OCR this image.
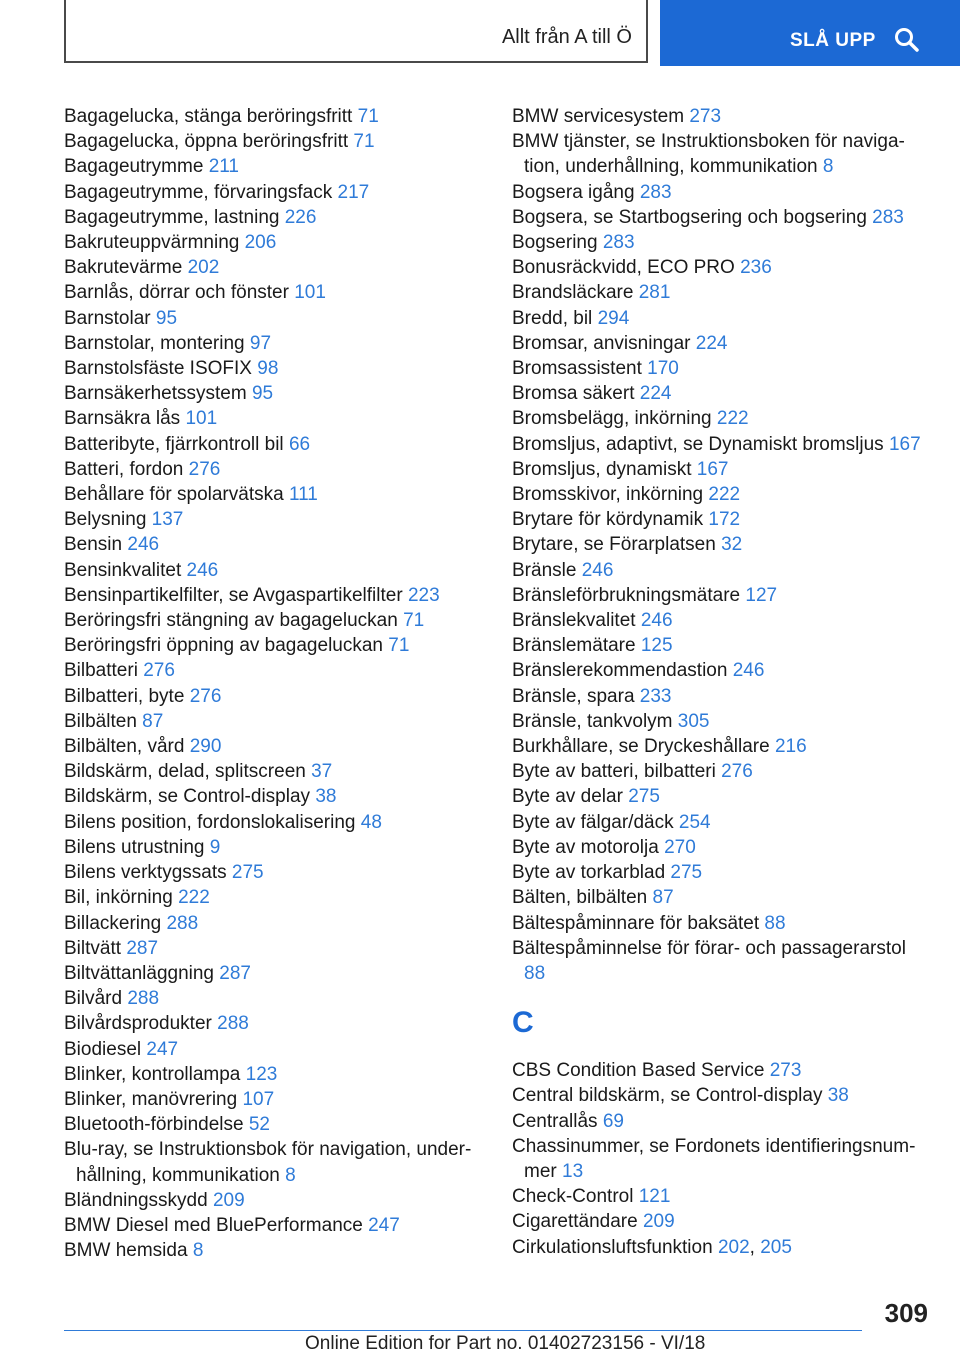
Allt från A till Ö	SLÅ UPP

Bagagelucka, stänga beröringsfritt 71

Bagagelucka, öppna beröringsfritt 71

Bagageutrymme 211

Bagageutrymme, förvaringsfack 217

Bagageutrymme, lastning 226

Bakruteuppvärmning 206

Bakrutevärme 202

Barnlås, dörrar och fönster 101

Barnstolar 95

Barnstolar, montering 97

Barnstolsfäste ISOFIX 98

Barnsäkerhetssystem 95

Barnsäkra lås 101

Batteribyte, fjärrkontroll bil 66

Batteri, fordon 276

Behållare för spolarvätska 111

Belysning 137

Bensin 246

Bensinkvalitet 246

Bensinpartikelfilter, se Avgaspartikelfilter 223

Beröringsfri stängning av bagageluckan 71

Beröringsfri öppning av bagageluckan 71

Bilbatteri 276

Bilbatteri, byte 276

Bilbälten 87

Bilbälten, vård 290

Bildskärm, delad, splitscreen 37

Bildskärm, se Control-display 38

Bilens position, fordonslokalisering 48

Bilens utrustning 9

Bilens verktygssats 275

Bil, inkörning 222

Billackering 288

Biltvätt 287

Biltvättanläggning 287

Bilvård 288

Bilvårdsprodukter 288

Biodiesel 247

Blinker, kontrollampa 123

Blinker, manövrering 107

Bluetooth-förbindelse 52

Blu-ray, se Instruktionsbok för navigation, underhållning, kommunikation 8

Bländningsskydd 209

BMW Diesel med BluePerformance 247

BMW hemsida 8

BMW servicesystem 273

BMW tjänster, se Instruktionsboken för navigation, underhållning, kommunikation 8

Bogsera igång 283

Bogsera, se Startbogsering och bogsering 283

Bogsering 283

Bonusräckvidd, ECO PRO 236

Brandsläckare 281

Bredd, bil 294

Bromsar, anvisningar 224

Bromsassistent 170

Bromsa säkert 224

Bromsbelägg, inkörning 222

Bromsljus, adaptivt, se Dynamiskt bromsljus 167

Bromsljus, dynamiskt 167

Bromsskivor, inkörning 222

Brytare för kördynamik 172

Brytare, se Förarplatsen 32

Bränsle 246

Bränsleförbrukningsmätare 127

Bränslekvalitet 246

Bränslemätare 125

Bränslerekommendastion 246

Bränsle, spara 233

Bränsle, tankvolym 305

Burkhållare, se Dryckeshållare 216

Byte av batteri, bilbatteri 276

Byte av delar 275

Byte av fälgar/däck 254

Byte av motorolja 270

Byte av torkarblad 275

Bälten, bilbälten 87

Bältespåminnare för baksätet 88

Bältespåminnelse för förar- och passagerarstol 88

C

CBS Condition Based Service 273

Central bildskärm, se Control-display 38

Centrallås 69

Chassinummer, se Fordonets identifieringsnummer 13

Check-Control 121

Cigarettändare 209

Cirkulationsluftsfunktion 202, 205

309
Online Edition for Part no. 01402723156 - VI/18
